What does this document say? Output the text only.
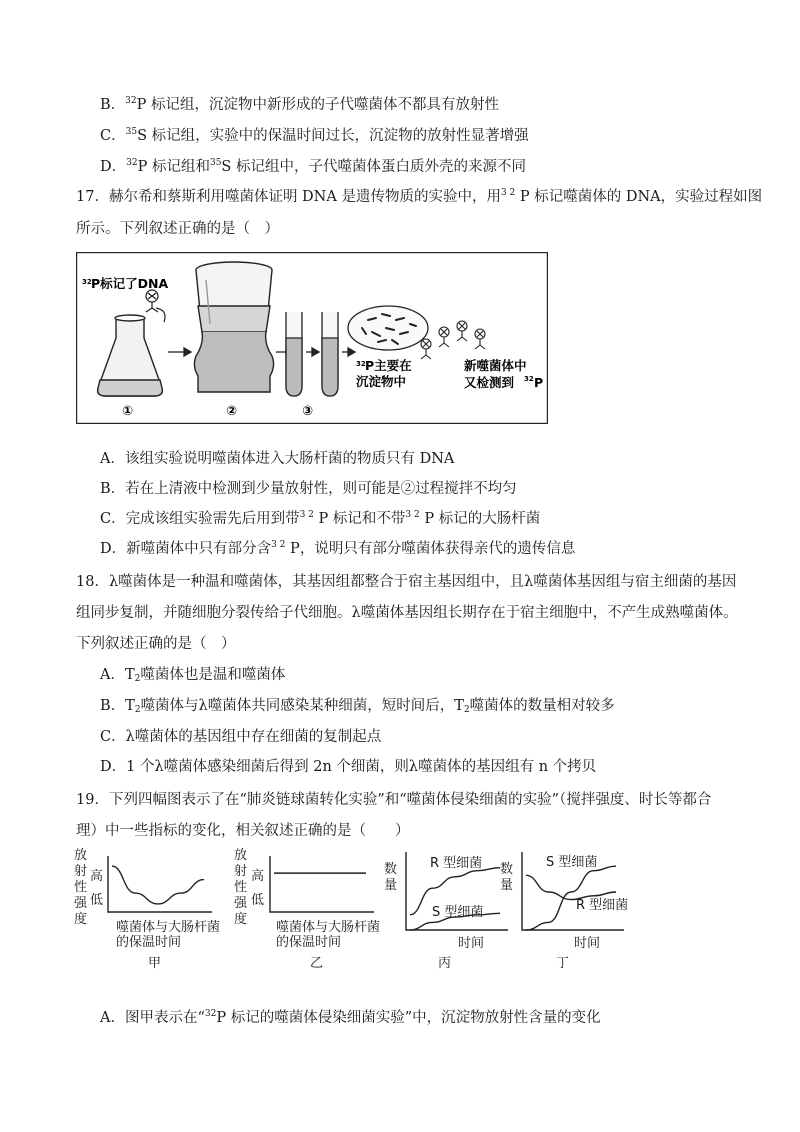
B．$^{32}$P 标记组，沉淀物中新形成的子代噬菌体不都具有放射性
C．$^{35}$S 标记组，实验中的保温时间过长，沉淀物的放射性显著增强
D．$^{32}$P 标记组和$^{35}$S 标记组中，子代噬菌体蛋白质外壳的来源不同
17．赫尔希和蔡斯利用噬菌体证明 DNA 是遗传物质的实验中，用$^{3 2}$ P 标记噬菌体的 DNA，实验过程如图
所示。下列叙述正确的是（　）
32 P标记了DNA
①	②	③
32 P主要在
沉淀物中
新噬菌体中
又检测到 32 P
A．该组实验说明噬菌体进入大肠杆菌的物质只有 DNA
B．若在上清液中检测到少量放射性，则可能是②过程搅拌不均匀
C．完成该组实验需先后用到带$^{3 2}$ P 标记和不带$^{3 2}$ P 标记的大肠杆菌
D．新噬菌体中只有部分含$^{3 2}$ P，说明只有部分噬菌体获得亲代的遗传信息
18．λ噬菌体是一种温和噬菌体，其基因组都整合于宿主基因组中，且λ噬菌体基因组与宿主细菌的基因
组同步复制，并随细胞分裂传给子代细胞。λ噬菌体基因组长期存在于宿主细胞中，不产生成熟噬菌体。
下列叙述正确的是（　）
A．$T_2$噬菌体也是温和噬菌体
B．$T_2$噬菌体与λ噬菌体共同感染某种细菌，短时间后，$T_2$噬菌体的数量相对较多
C．λ噬菌体的基因组中存在细菌的复制起点
D．1 个λ噬菌体感染细菌后得到 2n 个细菌，则λ噬菌体的基因组有 n 个拷贝
19．下列四幅图表示了在“肺炎链球菌转化实验”和“噬菌体侵染细菌的实验”（搅拌强度、时长等都合
理）中一些指标的变化，相关叙述正确的是（　　）
放射性强度
高
低
噬菌体与大肠杆菌的保温时间
甲
放射性强度
高
低
噬菌体与大肠杆菌的保温时间
乙
数量
R 型细菌
S 型细菌
时间
丙
数量
S 型细菌
R 型细菌
时间
丁
A．图甲表示在“$^{32}$P 标记的噬菌体侵染细菌实验”中，沉淀物放射性含量的变化
